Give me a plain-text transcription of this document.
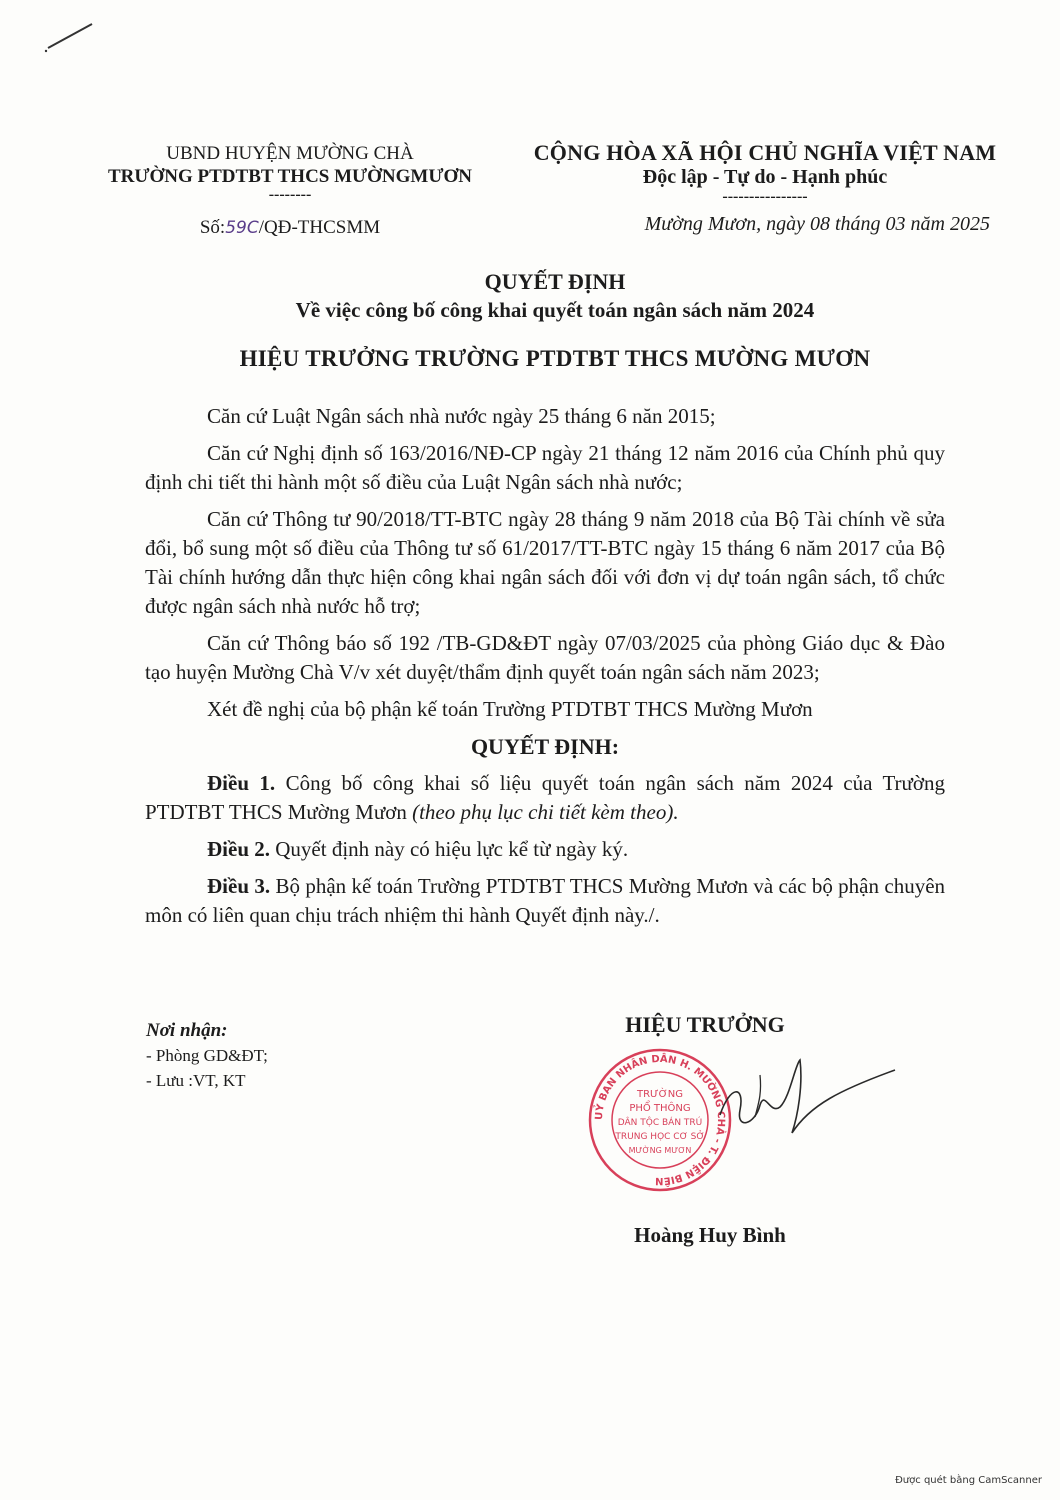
UBND HUYỆN MƯỜNG CHÀ
TRƯỜNG PTDTBT THCS MƯỜNGMƯƠN
--------
Số:59C/QĐ-THCSMM
CỘNG HÒA XÃ HỘI CHỦ NGHĨA VIỆT NAM
Độc lập - Tự do - Hạnh phúc
----------------
Mường Mươn, ngày 08 tháng 03 năm 2025
QUYẾT ĐỊNH
Về việc công bố công khai quyết toán ngân sách năm 2024
HIỆU TRƯỞNG TRƯỜNG PTDTBT THCS MƯỜNG MƯƠN

Căn cứ Luật Ngân sách nhà nước ngày 25 tháng 6 năn 2015;

Căn cứ Nghị định số 163/2016/NĐ-CP ngày 21 tháng 12 năm 2016 của Chính phủ quy định chi tiết thi hành một số điều của Luật Ngân sách nhà nước;

Căn cứ Thông tư 90/2018/TT-BTC ngày 28 tháng 9 năm 2018 của Bộ Tài chính về sửa đổi, bổ sung một số điều của Thông tư số 61/2017/TT-BTC ngày 15 tháng 6 năm 2017 của Bộ Tài chính hướng dẫn thực hiện công khai ngân sách đối với đơn vị dự toán ngân sách, tổ chức được ngân sách nhà nước hỗ trợ;

Căn cứ Thông báo số 192 /TB-GD&ĐT ngày 07/03/2025 của phòng Giáo dục & Đào tạo huyện Mường Chà V/v xét duyệt/thẩm định quyết toán ngân sách năm 2023;

Xét đề nghị của bộ phận kế toán Trường PTDTBT THCS Mường Mươn

QUYẾT ĐỊNH:

Điều 1. Công bố công khai số liệu quyết toán ngân sách năm 2024 của Trường PTDTBT THCS Mường Mươn (theo phụ lục chi tiết kèm theo).

Điều 2. Quyết định này có hiệu lực kể từ ngày ký.

Điều 3. Bộ phận kế toán Trường PTDTBT THCS Mường Mươn và các bộ phận chuyên môn có liên quan chịu trách nhiệm thi hành Quyết định này./.

Nơi nhận:
- Phòng GD&ĐT;
- Lưu :VT, KT
HIỆU TRƯỞNG
UỶ BAN NHÂN DÂN H. MƯỜNG CHÀ - T. ĐIỆN BIÊN
TRƯỜNG
PHỔ THÔNG
DÂN TỘC BÁN TRÚ
TRUNG HỌC CƠ SỞ
MƯỜNG MƯƠN
Hoàng Huy Bình
Được quét bằng CamScanner
